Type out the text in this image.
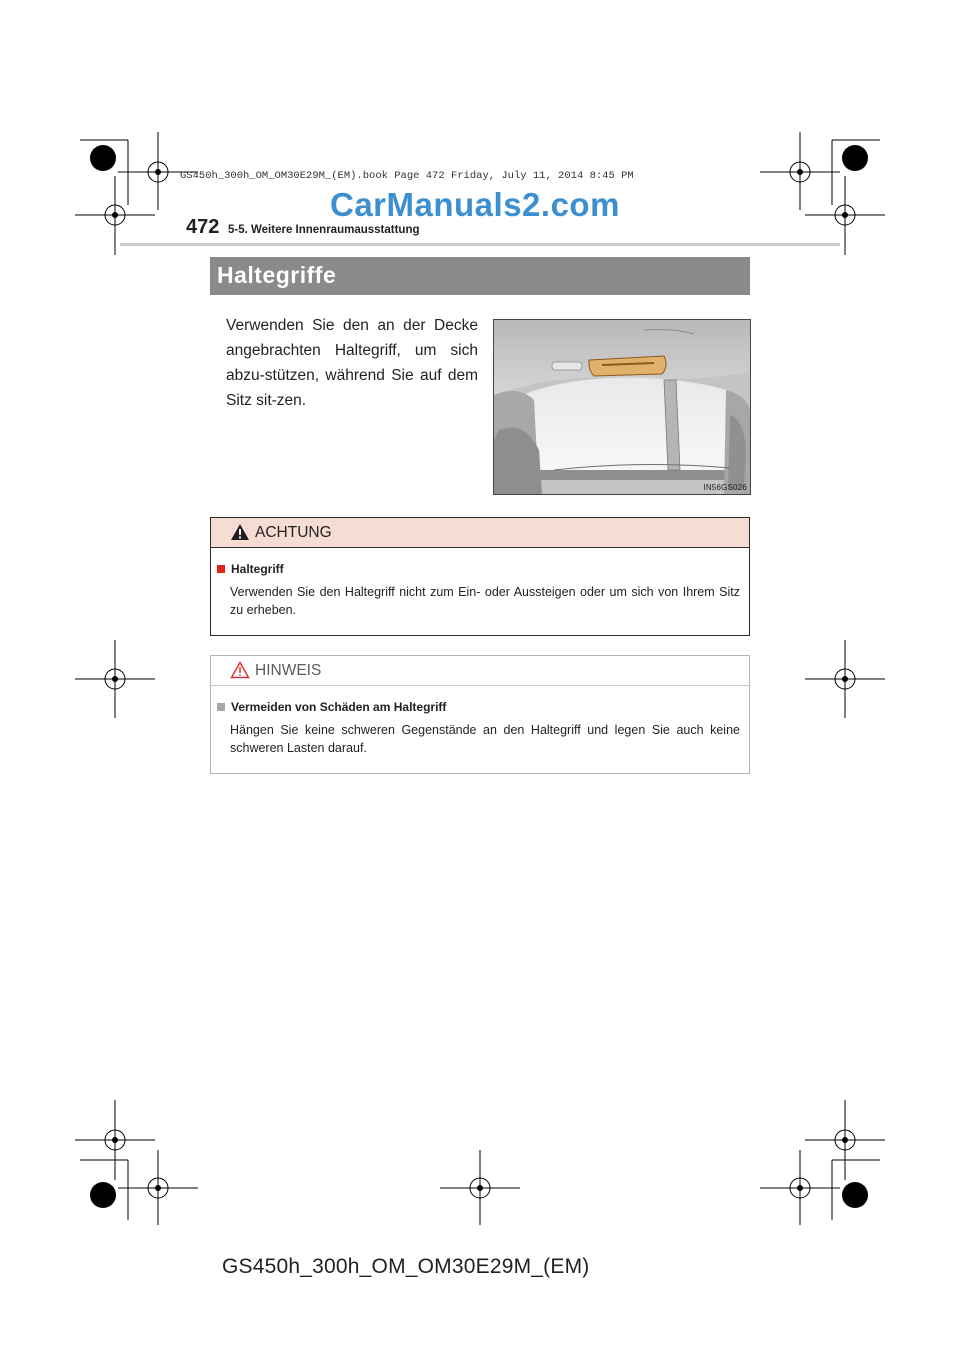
GS450h_300h_OM_OM30E29M_(EM).book Page 472 Friday, July 11, 2014 8:45 PM
CarManuals2.com
472 5-5. Weitere Innenraumausstattung
Haltegriffe
Verwenden Sie den an der Decke angebrachten Haltegriff, um sich abzu-stützen, während Sie auf dem Sitz sit-zen.
IN56GS026
ACHTUNG
Haltegriff
Verwenden Sie den Haltegriff nicht zum Ein- oder Aussteigen oder um sich von Ihrem Sitz zu erheben.
HINWEIS
Vermeiden von Schäden am Haltegriff
Hängen Sie keine schweren Gegenstände an den Haltegriff und legen Sie auch keine schweren Lasten darauf.
GS450h_300h_OM_OM30E29M_(EM)
